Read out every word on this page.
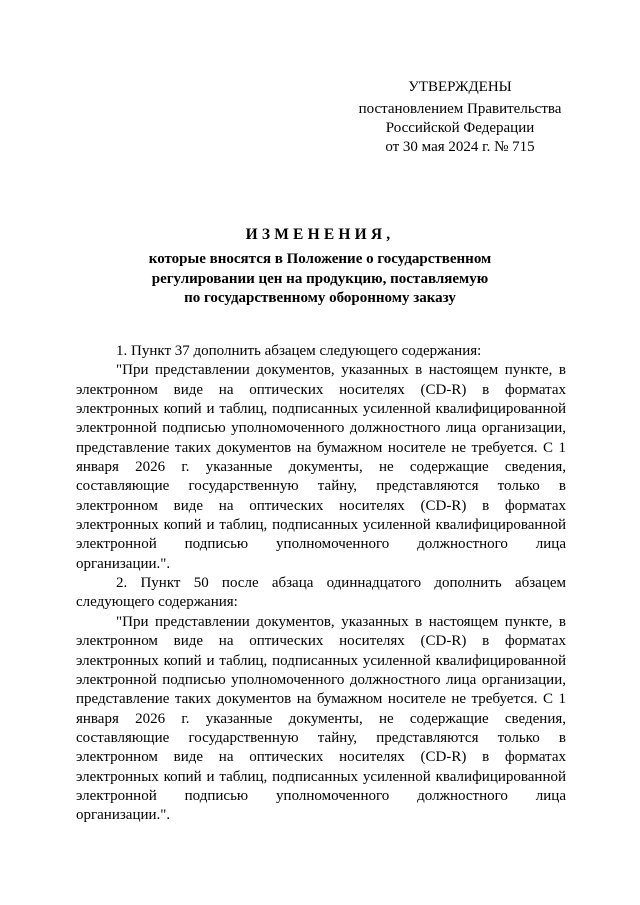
УТВЕРЖДЕНЫ
постановлением Правительства
Российской Федерации
от 30 мая 2024 г. № 715
ИЗМЕНЕНИЯ,
которые вносятся в Положение о государственном
регулировании цен на продукцию, поставляемую
по государственному оборонному заказу

1. Пункт 37 дополнить абзацем следующего содержания:

"При представлении документов, указанных в настоящем пункте, в электронном виде на оптических носителях (CD-R) в форматах электронных копий и таблиц, подписанных усиленной квалифицированной электронной подписью уполномоченного должностного лица организации, представление таких документов на бумажном носителе не требуется. С 1 января 2026 г. указанные документы, не содержащие сведения, составляющие государственную тайну, представляются только в электронном виде на оптических носителях (CD-R) в форматах электронных копий и таблиц, подписанных усиленной квалифицированной электронной подписью уполномоченного должностного лица организации.".

2. Пункт 50 после абзаца одиннадцатого дополнить абзацем следующего содержания:

"При представлении документов, указанных в настоящем пункте, в электронном виде на оптических носителях (CD-R) в форматах электронных копий и таблиц, подписанных усиленной квалифицированной электронной подписью уполномоченного должностного лица организации, представление таких документов на бумажном носителе не требуется. С 1 января 2026 г. указанные документы, не содержащие сведения, составляющие государственную тайну, представляются только в электронном виде на оптических носителях (CD-R) в форматах электронных копий и таблиц, подписанных усиленной квалифицированной электронной подписью уполномоченного должностного лица организации.".
